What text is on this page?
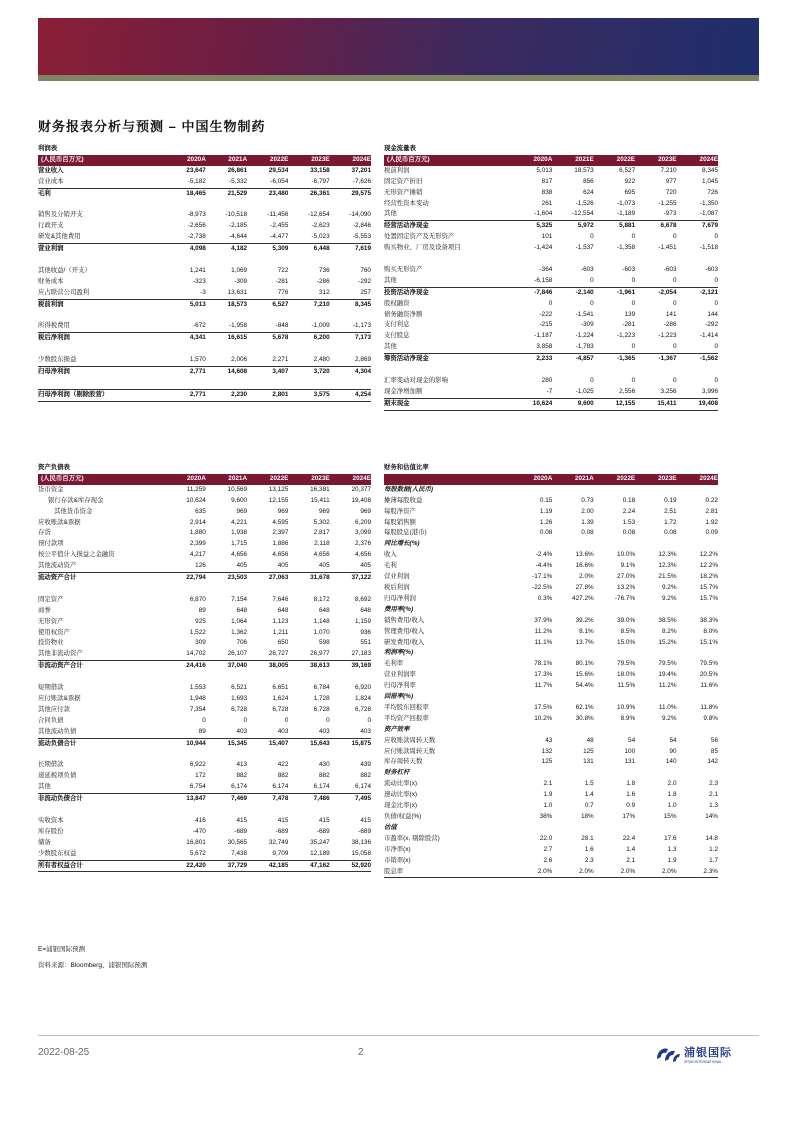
财务报表分析与预测 – 中国生物制药
利润表					
(人民币百万元)	2020A	2021A	2022E	2023E	2024E
营业收入	23,647	26,861	29,534	33,158	37,201
营业成本	-5,182	-5,332	-6,054	-6,797	-7,626
毛利	18,465	21,529	23,480	26,361	29,575

销售及分销开支	-8,973	-10,518	-11,456	-12,654	-14,090
行政开支	-2,656	-2,185	-2,455	-2,623	-2,846
研发&其他费用	-2,738	-4,644	-4,477	-5,023	-5,553
营业利润	4,098	4,182	5,309	6,448	7,619

其他收益/（开支）	1,241	1,069	722	736	760
财务成本	-323	-309	-281	-286	-292
应占联营公司盈利	-3	13,631	776	312	257
税前利润	5,013	18,573	6,527	7,210	8,345

所得税费用	-672	-1,958	-848	-1,009	-1,173
税后净利润	4,341	16,615	5,678	6,200	7,173

少数股东损益	1,570	2,006	2,271	2,480	2,869
归母净利润	2,771	14,608	3,407	3,720	4,304

归母净利润（剔除股营）	2,771	2,230	2,801	3,575	4,254
现金流量表					
(人民币百万元)	2020A	2021E	2022E	2023E	2024E
税前利润	5,013	18,573	6,527	7,210	8,345
固定资产折旧	817	856	922	977	1,045
无形资产摊销	838	624	695	720	726
经营性资本变动	261	-1,526	-1,073	-1,255	-1,350
其他	-1,604	-12,554	-1,189	-973	-1,087
经营活动净现金	5,325	5,972	5,881	6,678	7,679
处置固定资产及无形资产	101	0	0	0	0
购买物业、厂房及设备项目	-1,424	-1,537	-1,358	-1,451	-1,518

购买无形资产	-364	-603	-603	-603	-603
其他	-6,158	0	0	0	0
投资活动净现金	-7,846	-2,140	-1,961	-2,054	-2,121
股权融资	0	0	0	0	0
债务融资净额	-222	-1,541	139	141	144
支付利息	-215	-309	-281	-286	-292
支付股息	-1,187	-1,224	-1,223	-1,223	-1,414
其他	3,858	-1,783	0	0	0
筹资活动净现金	2,233	-4,857	-1,365	-1,367	-1,562

汇率变动对现金的影响	280	0	0	0	0
现金净增加额	-7	-1,025	2,556	3,256	3,996
期末现金	10,624	9,600	12,155	15,411	19,408
资产负债表					
(人民币百万元)	2020A	2021A	2022E	2023E	2024E
货币资金	11,259	10,569	13,125	16,381	20,377
银行存款&库存现金	10,624	9,600	12,155	15,411	19,408
其他货币资金	635	969	969	969	969
应收账款&票据	2,914	4,221	4,595	5,302	6,209
存货	1,880	1,938	2,397	2,817	3,099
预付款项	2,399	1,715	1,886	2,118	2,376
按公平值计入损益之金融资	4,217	4,656	4,656	4,656	4,656
其他流动资产	126	405	405	405	405
流动资产合计	22,794	23,503	27,063	31,678	37,122

固定资产	6,870	7,154	7,646	8,172	8,692
商誉	89	648	648	648	648
无形资产	925	1,064	1,123	1,148	1,159
使用权资产	1,522	1,362	1,211	1,070	936
投资物业	309	706	650	598	551
其他非流动资产	14,702	26,107	26,727	26,977	27,183
非流动资产合计	24,416	37,040	38,005	38,613	39,169

短期借款	1,553	6,521	6,651	6,784	6,920
应付账款&票据	1,948	1,693	1,624	1,728	1,824
其他应付款	7,354	6,728	6,728	6,728	6,728
合同负债	0	0	0	0	0
其他流动负债	89	403	403	403	403
流动负债合计	10,944	15,345	15,407	15,643	15,875

长期借款	6,922	413	422	430	439
递延税项负债	172	882	882	882	882
其他	6,754	6,174	6,174	6,174	6,174
非流动负债合计	13,847	7,469	7,478	7,486	7,495

实收资本	416	415	415	415	415
库存股份	-470	-689	-689	-689	-689
储备	16,801	30,565	32,749	35,247	38,136
少数股东权益	5,672	7,438	9,709	12,189	15,058
所有者权益合计	22,420	37,729	42,185	47,162	52,920
财务和估值比率					
	2020A	2021A	2022E	2023E	2024E
每股数据(人民币)					
摊薄每股收益	0.15	0.73	0.18	0.19	0.22
每股净资产	1.19	2.00	2.24	2.51	2.81
每股销售额	1.26	1.39	1.53	1.72	1.92
每股股息(港币)	0.08	0.08	0.08	0.08	0.09
同比增长(%)					
收入	-2.4%	13.6%	10.0%	12.3%	12.2%
毛利	-4.4%	16.6%	9.1%	12.3%	12.2%
营业利润	-17.1%	2.0%	27.0%	21.5%	18.2%
税后利润	-22.5%	27.8%	13.2%	9.2%	15.7%
归母净利润	0.3%	427.2%	-76.7%	9.2%	15.7%
费用率(%)					
销售费用/收入	37.9%	39.2%	39.0%	38.5%	38.3%
管理费用/收入	11.2%	8.1%	8.5%	8.2%	8.0%
研发费用/收入	11.1%	13.7%	15.0%	15.2%	15.1%
利润率(%)					
毛利率	78.1%	80.1%	79.5%	79.5%	79.5%
营业利润率	17.3%	15.6%	18.0%	19.4%	20.5%
归母净利率	11.7%	54.4%	11.5%	11.2%	11.6%
回报率(%)					
平均股东回报率	17.5%	62.1%	10.9%	11.0%	11.8%
平均资产回报率	10.2%	30.8%	8.9%	9.2%	9.8%
资产效率					
应收账款周转天数	43	48	54	54	56
应付账款周转天数	132	125	100	90	85
库存周转天数	125	131	131	140	142
财务杠杆					
流动比率(x)	2.1	1.5	1.8	2.0	2.3
速动比率(x)	1.9	1.4	1.6	1.8	2.1
现金比率(x)	1.0	0.7	0.9	1.0	1.3
负债/权益(%)	38%	18%	17%	15%	14%
估值					
市盈率(x, 剔除股营)	22.0	28.1	22.4	17.6	14.8
市净率(x)	2.7	1.6	1.4	1.3	1.2
市销率(x)	2.6	2.3	2.1	1.9	1.7
股息率	2.0%	2.0%	2.0%	2.0%	2.3%
E=浦银国际预测
资料来源：Bloomberg、浦银国际预测
2022-08-25	2	浦银国际
SPDB INTERNATIONAL
